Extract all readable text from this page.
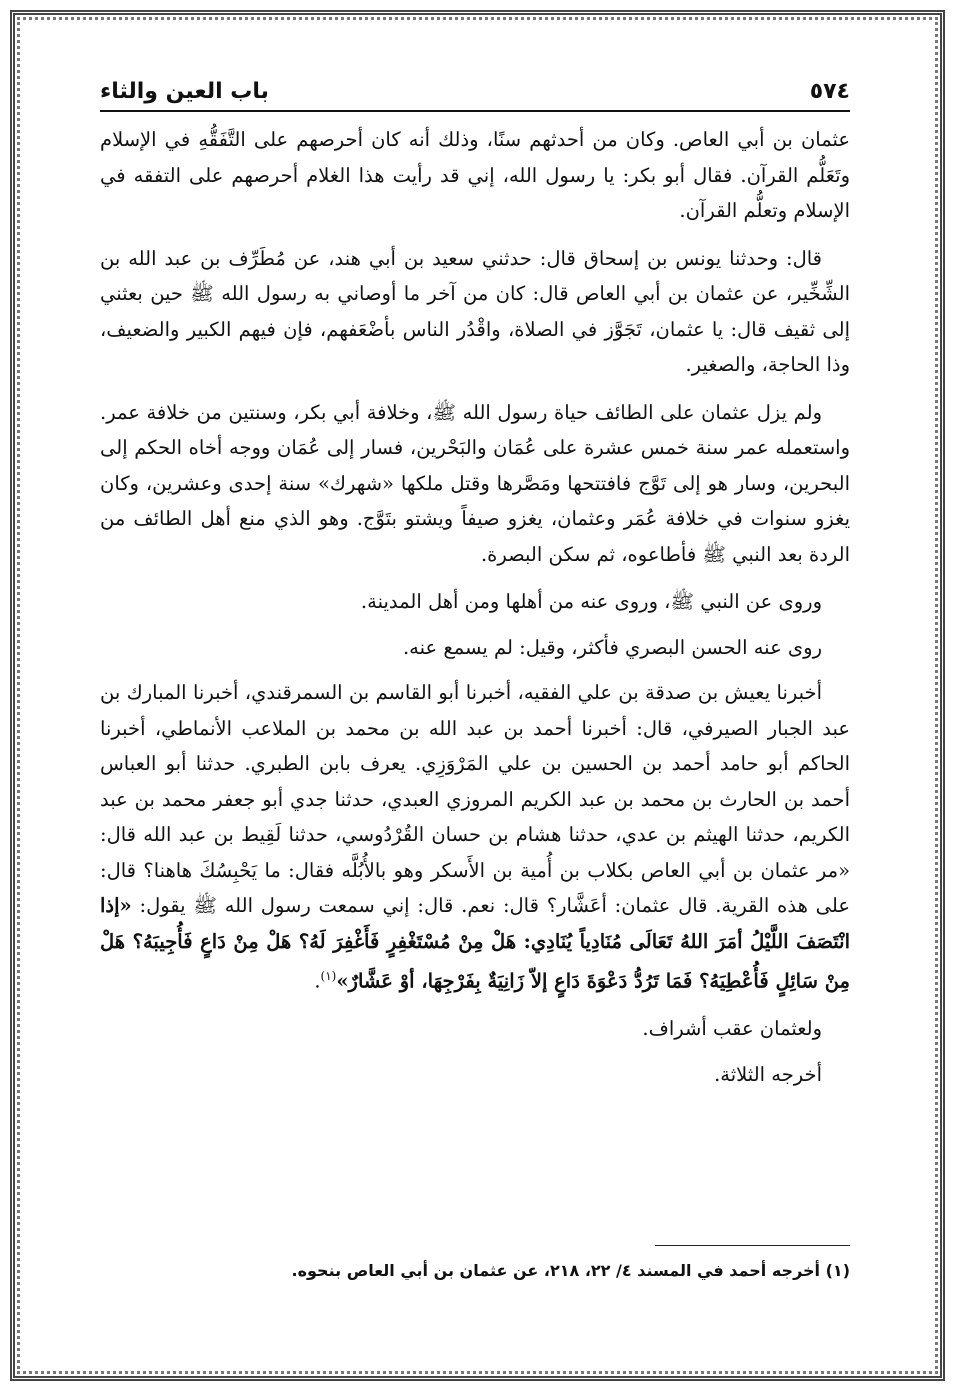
٥٧٤
باب العين والثاء

عثمان بن أبي العاص. وكان من أحدثهم سنًا، وذلك أنه كان أحرصهم على التَّفَقُّهِ في الإسلام وتَعَلُّم القرآن. فقال أبو بكر: يا رسول الله، إني قد رأيت هذا الغلام أحرصهم على التفقه في الإسلام وتعلُّم القرآن.

قال: وحدثنا يونس بن إسحاق قال: حدثني سعيد بن أبي هند، عن مُطَرِّف بن عبد الله بن الشِّخِّير، عن عثمان بن أبي العاص قال: كان من آخر ما أوصاني به رسول الله ﷺ حين بعثني إلى ثقيف قال: يا عثمان، تَجَوَّز في الصلاة، واقْدُر الناس بأضْعَفهم، فإن فيهم الكبير والضعيف، وذا الحاجة، والصغير.

ولم يزل عثمان على الطائف حياة رسول الله ﷺ، وخلافة أبي بكر، وسنتين من خلافة عمر. واستعمله عمر سنة خمس عشرة على عُمَان والبَحْرين، فسار إلى عُمَان ووجه أخاه الحكم إلى البحرين، وسار هو إلى تَوَّج فافتتحها ومَصَّرها وقتل ملكها «شهرك» سنة إحدى وعشرين، وكان يغزو سنوات في خلافة عُمَر وعثمان، يغزو صيفاً ويشتو بتَوَّج. وهو الذي منع أهل الطائف من الردة بعد النبي ﷺ فأطاعوه، ثم سكن البصرة.

وروى عن النبي ﷺ، وروى عنه من أهلها ومن أهل المدينة.

روى عنه الحسن البصري فأكثر، وقيل: لم يسمع عنه.

أخبرنا يعيش بن صدقة بن علي الفقيه، أخبرنا أبو القاسم بن السمرقندي، أخبرنا المبارك بن عبد الجبار الصيرفي، قال: أخبرنا أحمد بن عبد الله بن محمد بن الملاعب الأنماطي، أخبرنا الحاكم أبو حامد أحمد بن الحسين بن علي المَرْوَزِي. يعرف بابن الطبري. حدثنا أبو العباس أحمد بن الحارث بن محمد بن عبد الكريم المروزي العبدي، حدثنا جدي أبو جعفر محمد بن عبد الكريم، حدثنا الهيثم بن عدي، حدثنا هشام بن حسان القُرْدُوسي، حدثنا لَقِيط بن عبد الله قال: «مر عثمان بن أبي العاص بكلاب بن أُمية بن الأَسكر وهو بالأُبُلَّه فقال: ما يَحْبِسُكَ هاهنا؟ قال: على هذه القرية. قال عثمان: أعَشَّار؟ قال: نعم. قال: إني سمعت رسول الله ﷺ يقول: «إذا انْتَصَفَ اللَّيْلُ أمَرَ اللهُ تَعَالَى مُنَادِياً يُنَادِي: هَلْ مِنْ مُسْتَغْفِرٍ فَأَغْفِرَ لَهُ؟ هَلْ مِنْ دَاعٍ فَأُجِيبَهُ؟ هَلْ مِنْ سَائِلٍ فَأُعْطِيَهُ؟ فَمَا تَرُدُّ دَعْوَةَ دَاعٍ إلاّ زَانِيَةٌ بِفَرْجِهَا، أوْ عَشَّارٌ»$^{(١)}$.

ولعثمان عقب أشراف.

أخرجه الثلاثة.

(١) أخرجه أحمد في المسند ٤/ ٢٢، ٢١٨، عن عثمان بن أبي العاص بنحوه.
